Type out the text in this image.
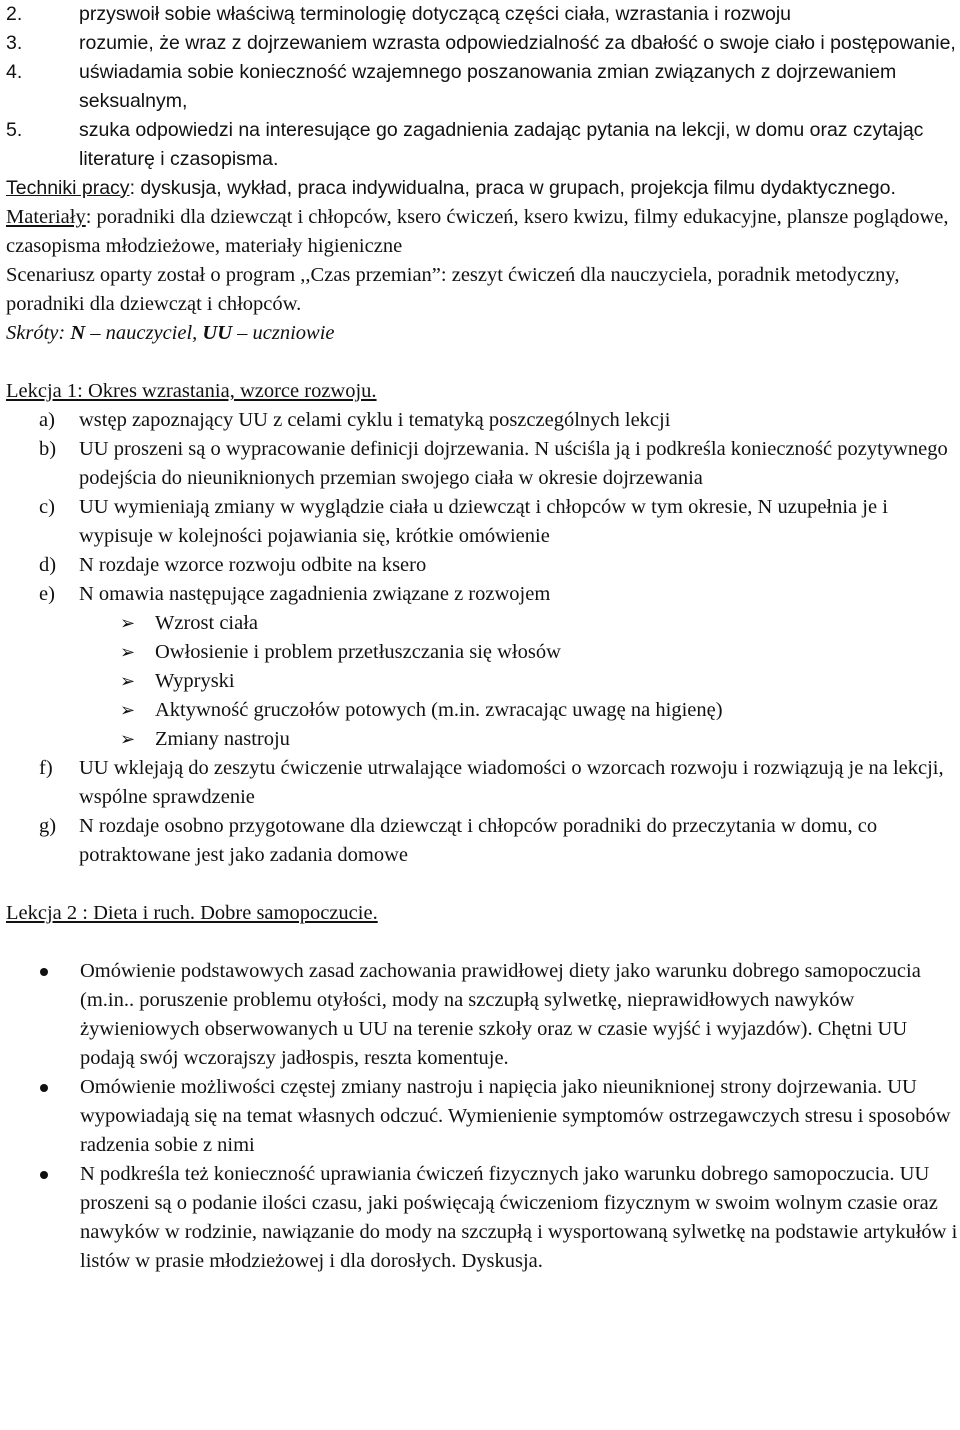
2.	przyswoił sobie właściwą terminologię dotyczącą części ciała, wzrastania i rozwoju

3.	rozumie, że wraz z dojrzewaniem wzrasta odpowiedzialność za dbałość o swoje ciało i postępowanie,

4.	uświadamia sobie konieczność wzajemnego poszanowania zmian związanych z dojrzewaniem seksualnym,

5.	szuka odpowiedzi na interesujące go zagadnienia zadając pytania na lekcji, w domu oraz czytając literaturę i czasopisma.

Techniki pracy: dyskusja, wykład, praca indywidualna, praca w grupach, projekcja filmu dydaktycznego.

Materiały: poradniki dla dziewcząt i chłopców, ksero ćwiczeń, ksero kwizu, filmy edukacyjne, plansze poglądowe, czasopisma młodzieżowe, materiały higieniczne

Scenariusz oparty został o program ,,Czas przemian”: zeszyt ćwiczeń dla nauczyciela, poradnik metodyczny, poradniki dla dziewcząt i chłopców.

Skróty: N – nauczyciel, UU – uczniowie

Lekcja 1: Okres wzrastania, wzorce rozwoju.

a) wstęp zapoznający UU z celami cyklu i tematyką poszczególnych lekcji

b) UU proszeni są o wypracowanie definicji dojrzewania. N uściśla ją i podkreśla konieczność pozytywnego podejścia do nieuniknionych przemian swojego ciała w okresie dojrzewania

c) UU wymieniają zmiany w wyglądzie ciała u dziewcząt i chłopców w tym okresie, N uzupełnia je i wypisuje w kolejności pojawiania się, krótkie omówienie

d) N rozdaje wzorce rozwoju odbite na ksero

e) N omawia następujące zagadnienia związane z rozwojem

➢ Wzrost ciała

➢ Owłosienie i problem przetłuszczania się włosów

➢ Wypryski

➢ Aktywność gruczołów potowych (m.in. zwracając uwagę na higienę)

➢ Zmiany nastroju

f) UU wklejają do zeszytu ćwiczenie utrwalające wiadomości o wzorcach rozwoju i rozwiązują je na lekcji, wspólne sprawdzenie

g) N rozdaje osobno przygotowane dla dziewcząt i chłopców poradniki do przeczytania w domu, co potraktowane jest jako zadania domowe

Lekcja 2 : Dieta i ruch. Dobre samopoczucie.

Omówienie podstawowych zasad zachowania prawidłowej diety jako warunku dobrego samopoczucia (m.in.. poruszenie problemu otyłości, mody na szczupłą sylwetkę, nieprawidłowych nawyków żywieniowych obserwowanych u UU na terenie szkoły oraz w czasie wyjść i wyjazdów). Chętni UU podają swój wczorajszy jadłospis, reszta komentuje.

Omówienie możliwości częstej zmiany nastroju i napięcia jako nieuniknionej strony dojrzewania. UU wypowiadają się na temat własnych odczuć. Wymienienie symptomów ostrzegawczych stresu i sposobów radzenia sobie z nimi

N podkreśla też konieczność uprawiania ćwiczeń fizycznych jako warunku dobrego samopoczucia. UU proszeni są o podanie ilości czasu, jaki poświęcają ćwiczeniom fizycznym w swoim wolnym czasie oraz nawyków w rodzinie, nawiązanie do mody na szczupłą i wysportowaną sylwetkę na podstawie artykułów i listów w prasie młodzieżowej i dla dorosłych. Dyskusja.
